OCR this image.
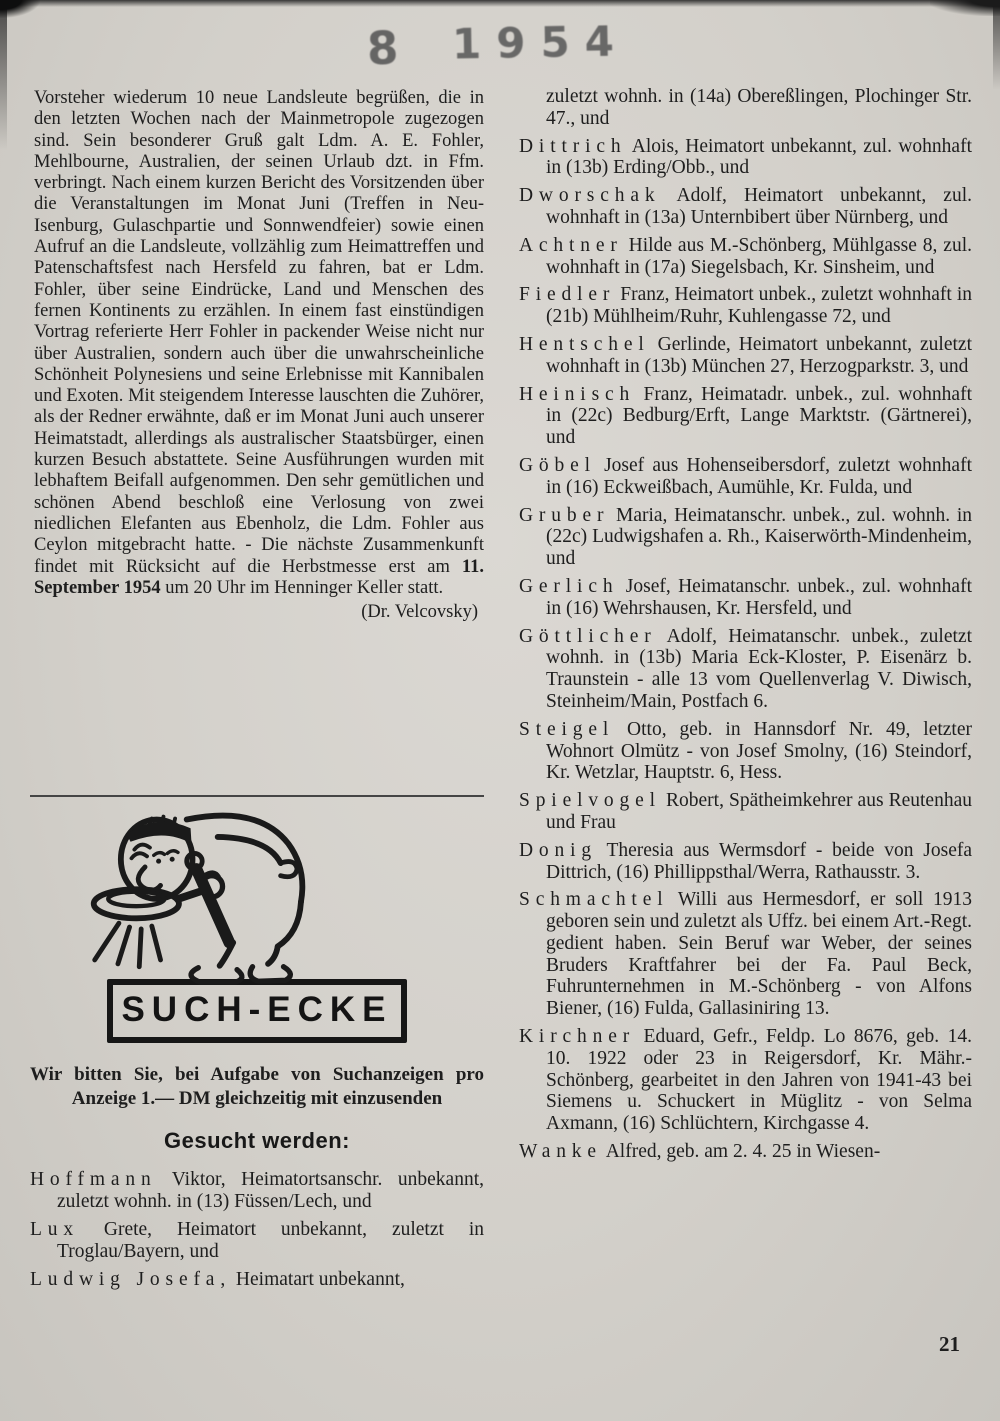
8 1954

Vorsteher wiederum 10 neue Landsleute begrüßen, die in den letzten Wochen nach der Mainmetropole zugezogen sind. Sein besonderer Gruß galt Ldm. A. E. Fohler, Mehlbourne, Australien, der seinen Urlaub dzt. in Ffm. verbringt. Nach einem kurzen Bericht des Vorsitzenden über die Veranstaltungen im Monat Juni (Treffen in Neu-Isenburg, Gulaschpartie und Sonnwendfeier) sowie einen Aufruf an die Landsleute, vollzählig zum Heimattreffen und Patenschaftsfest nach Hersfeld zu fahren, bat er Ldm. Fohler, über seine Eindrücke, Land und Menschen des fernen Kontinents zu erzählen. In einem fast einstündigen Vortrag referierte Herr Fohler in packender Weise nicht nur über Australien, sondern auch über die unwahrscheinliche Schönheit Polynesiens und seine Erlebnisse mit Kannibalen und Exoten. Mit steigendem Interesse lauschten die Zuhörer, als der Redner erwähnte, daß er im Monat Juni auch unserer Heimatstadt, allerdings als australischer Staatsbürger, einen kurzen Besuch abstattete. Seine Ausführungen wurden mit lebhaftem Beifall aufgenommen. Den sehr gemütlichen und schönen Abend beschloß eine Verlosung von zwei niedlichen Elefanten aus Ebenholz, die Ldm. Fohler aus Ceylon mitgebracht hatte. - Die nächste Zusammenkunft findet mit Rücksicht auf die Herbstmesse erst am 11. September 1954 um 20 Uhr im Henninger Keller statt.

(Dr. Velcovsky)
SUCH-ECKE

Wir bitten Sie, bei Aufgabe von Suchanzeigen pro Anzeige 1.— DM gleichzeitig mit einzusenden

Gesucht werden:
Hoffmann Viktor, Heimatortsanschr. unbekannt, zuletzt wohnh. in (13) Füssen/Lech, und
Lux Grete, Heimatort unbekannt, zuletzt in Troglau/Bayern, und
Ludwig Josefa, Heimatart unbekannt,
zuletzt wohnh. in (14a) Obereßlingen, Plochinger Str. 47., und
Dittrich Alois, Heimatort unbekannt, zul. wohnhaft in (13b) Erding/Obb., und
Dworschak Adolf, Heimatort unbekannt, zul. wohnhaft in (13a) Unternbibert über Nürnberg, und
Achtner Hilde aus M.-Schönberg, Mühlgasse 8, zul. wohnhaft in (17a) Siegelsbach, Kr. Sinsheim, und
Fiedler Franz, Heimatort unbek., zuletzt wohnhaft in (21b) Mühlheim/Ruhr, Kuhlengasse 72, und
Hentschel Gerlinde, Heimatort unbekannt, zuletzt wohnhaft in (13b) München 27, Herzogparkstr. 3, und
Heinisch Franz, Heimatadr. unbek., zul. wohnhaft in (22c) Bedburg/Erft, Lange Marktstr. (Gärtnerei), und
Göbel Josef aus Hohenseibersdorf, zuletzt wohnhaft in (16) Eckweißbach, Aumühle, Kr. Fulda, und
Gruber Maria, Heimatanschr. unbek., zul. wohnh. in (22c) Ludwigshafen a. Rh., Kaiserwörth-Mindenheim, und
Gerlich Josef, Heimatanschr. unbek., zul. wohnhaft in (16) Wehrshausen, Kr. Hersfeld, und
Göttlicher Adolf, Heimatanschr. unbek., zuletzt wohnh. in (13b) Maria Eck-Kloster, P. Eisenärz b. Traunstein - alle 13 vom Quellenverlag V. Diwisch, Steinheim/Main, Postfach 6.
Steigel Otto, geb. in Hannsdorf Nr. 49, letzter Wohnort Olmütz - von Josef Smolny, (16) Steindorf, Kr. Wetzlar, Hauptstr. 6, Hess.
Spielvogel Robert, Spätheimkehrer aus Reutenhau und Frau
Donig Theresia aus Wermsdorf - beide von Josefa Dittrich, (16) Phillippsthal/Werra, Rathausstr. 3.
Schmachtel Willi aus Hermesdorf, er soll 1913 geboren sein und zuletzt als Uffz. bei einem Art.-Regt. gedient haben. Sein Beruf war Weber, der seines Bruders Kraftfahrer bei der Fa. Paul Beck, Fuhrunternehmen in M.-Schönberg - von Alfons Biener, (16) Fulda, Gallasiniring 13.
Kirchner Eduard, Gefr., Feldp. Lo 8676, geb. 14. 10. 1922 oder 23 in Reigersdorf, Kr. Mähr.-Schönberg, gearbeitet in den Jahren von 1941-43 bei Siemens u. Schuckert in Müglitz - von Selma Axmann, (16) Schlüchtern, Kirchgasse 4.
Wanke Alfred, geb. am 2. 4. 25 in Wiesen-
21
